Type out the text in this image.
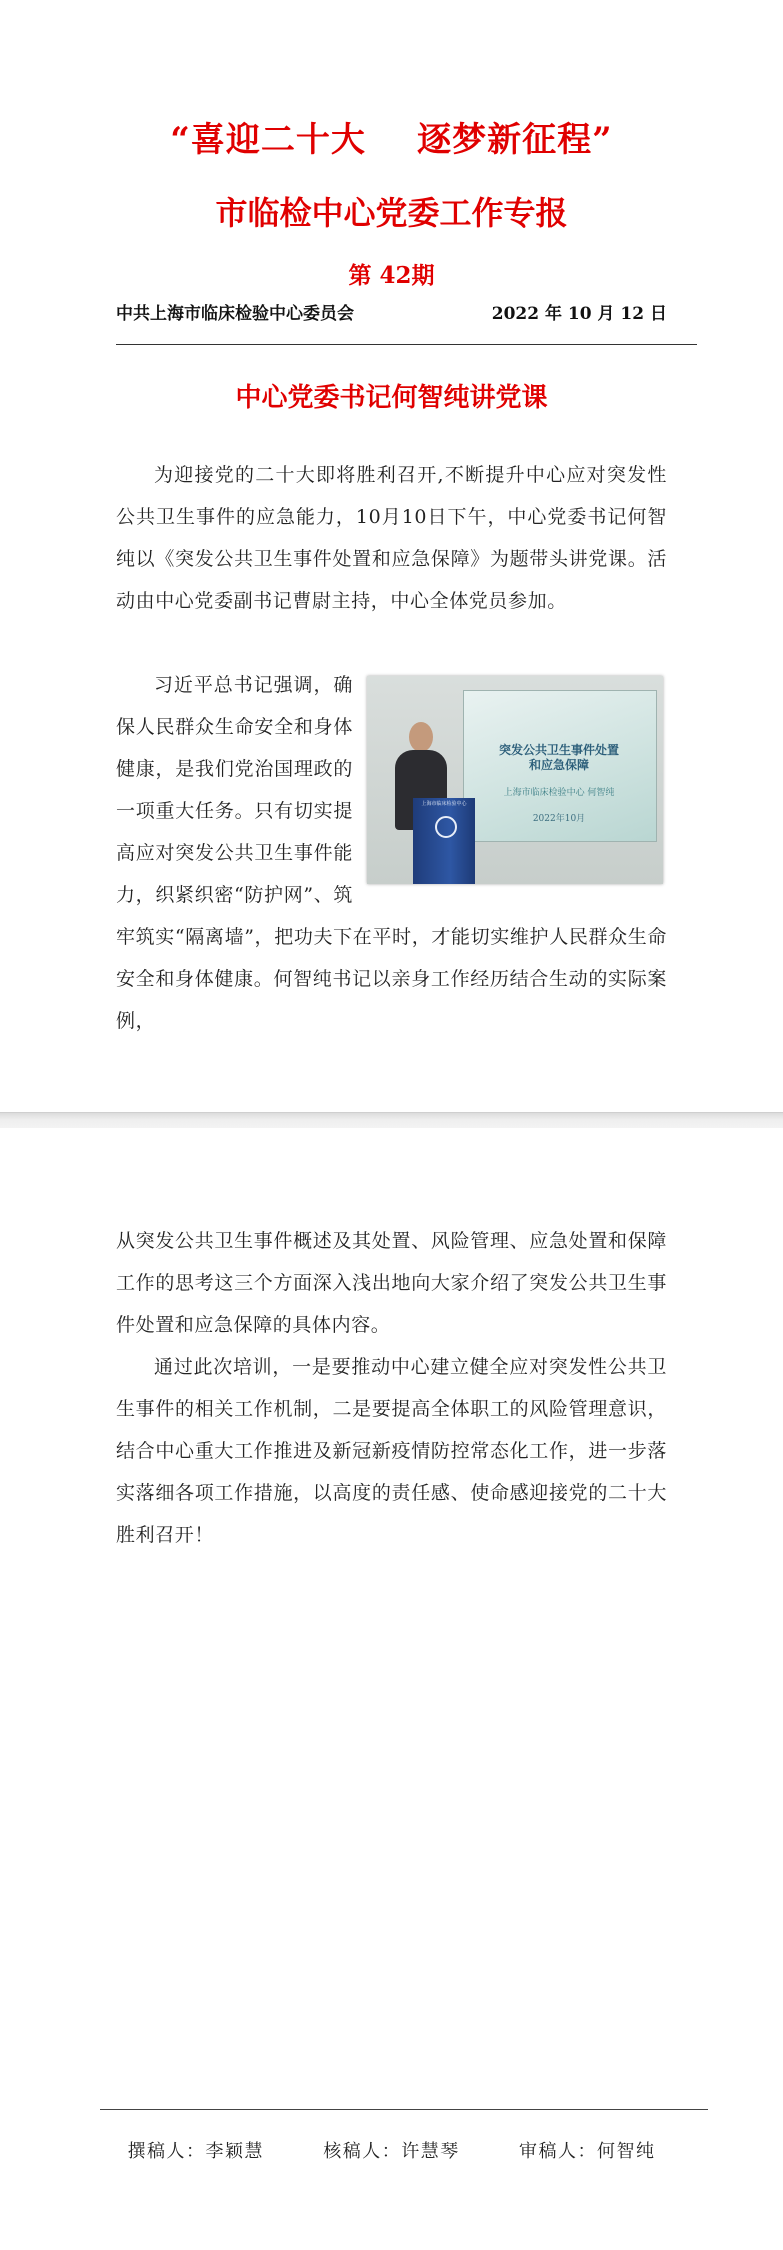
“喜迎二十大    逐梦新征程”
市临检中心党委工作专报
第 42期
中共上海市临床检验中心委员会	2022 年 10 月 12 日
中心党委书记何智纯讲党课

为迎接党的二十大即将胜利召开,不断提升中心应对突发性公共卫生事件的应急能力，10月10日下午，中心党委书记何智纯以《突发公共卫生事件处置和应急保障》为题带头讲党课。活动由中心党委副书记曹尉主持，中心全体党员参加。

突发公共卫生事件处置和应急保障
上海市临床检验中心 何智纯
2022年10月
上海市临床检验中心
习近平总书记强调，确保人民群众生命安全和身体健康，是我们党治国理政的一项重大任务。只有切实提高应对突发公共卫生事件能力，织紧织密“防护网”、筑牢筑实“隔离墙”，把功夫下在平时，才能切实维护人民群众生命安全和身体健康。何智纯书记以亲身工作经历结合生动的实际案例，

从突发公共卫生事件概述及其处置、风险管理、应急处置和保障工作的思考这三个方面深入浅出地向大家介绍了突发公共卫生事件处置和应急保障的具体内容。

通过此次培训，一是要推动中心建立健全应对突发性公共卫生事件的相关工作机制，二是要提高全体职工的风险管理意识，结合中心重大工作推进及新冠新疫情防控常态化工作，进一步落实落细各项工作措施，以高度的责任感、使命感迎接党的二十大胜利召开！

撰稿人：李颖慧	核稿人：许慧琴	审稿人：何智纯
